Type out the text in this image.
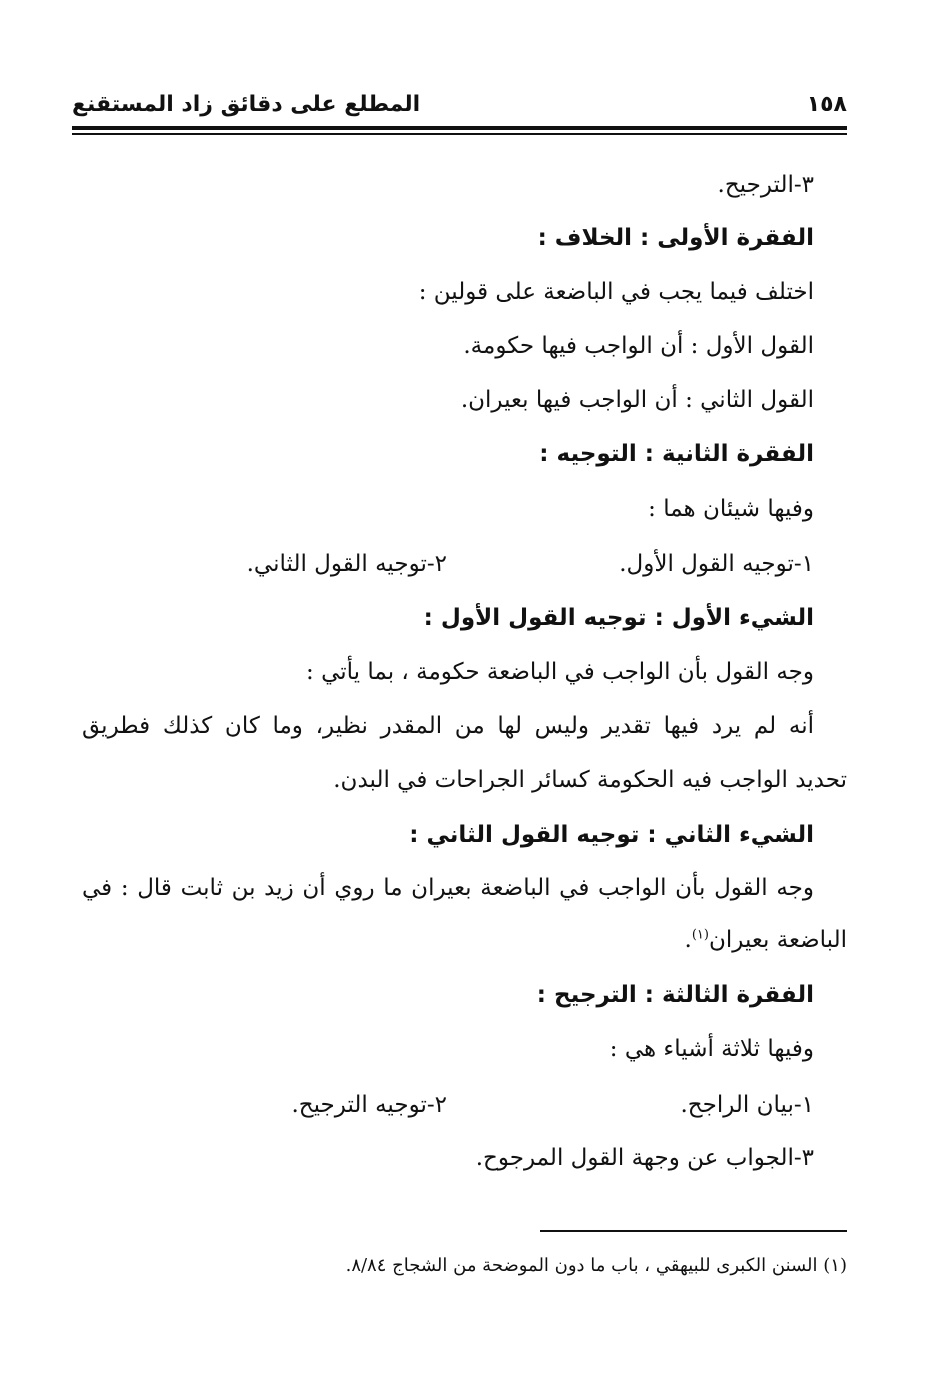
المطلع على دقائق زاد المستقنع	١٥٨
٣-الترجيح.
الفقرة الأولى : الخلاف :
اختلف فيما يجب في الباضعة على قولين :
القول الأول : أن الواجب فيها حكومة.
القول الثاني : أن الواجب فيها بعيران.
الفقرة الثانية : التوجيه :
وفيها شيئان هما :
١-توجيه القول الأول.
٢-توجيه القول الثاني.
الشيء الأول : توجيه القول الأول :
وجه القول بأن الواجب في الباضعة حكومة ، بما يأتي :
أنه لم يرد فيها تقدير وليس لها من المقدر نظير، وما كان كذلك فطريق
تحديد الواجب فيه الحكومة كسائر الجراحات في البدن.
الشيء الثاني : توجيه القول الثاني :
وجه القول بأن الواجب في الباضعة بعيران ما روي أن زيد بن ثابت قال : في
الباضعة بعيران$^{(١)}$.
الفقرة الثالثة : الترجيح :
وفيها ثلاثة أشياء هي :
١-بيان الراجح.
٢-توجيه الترجيح.
٣-الجواب عن وجهة القول المرجوح.
(١) السنن الكبرى للبيهقي ، باب ما دون الموضحة من الشجاج ٨/٨٤.
